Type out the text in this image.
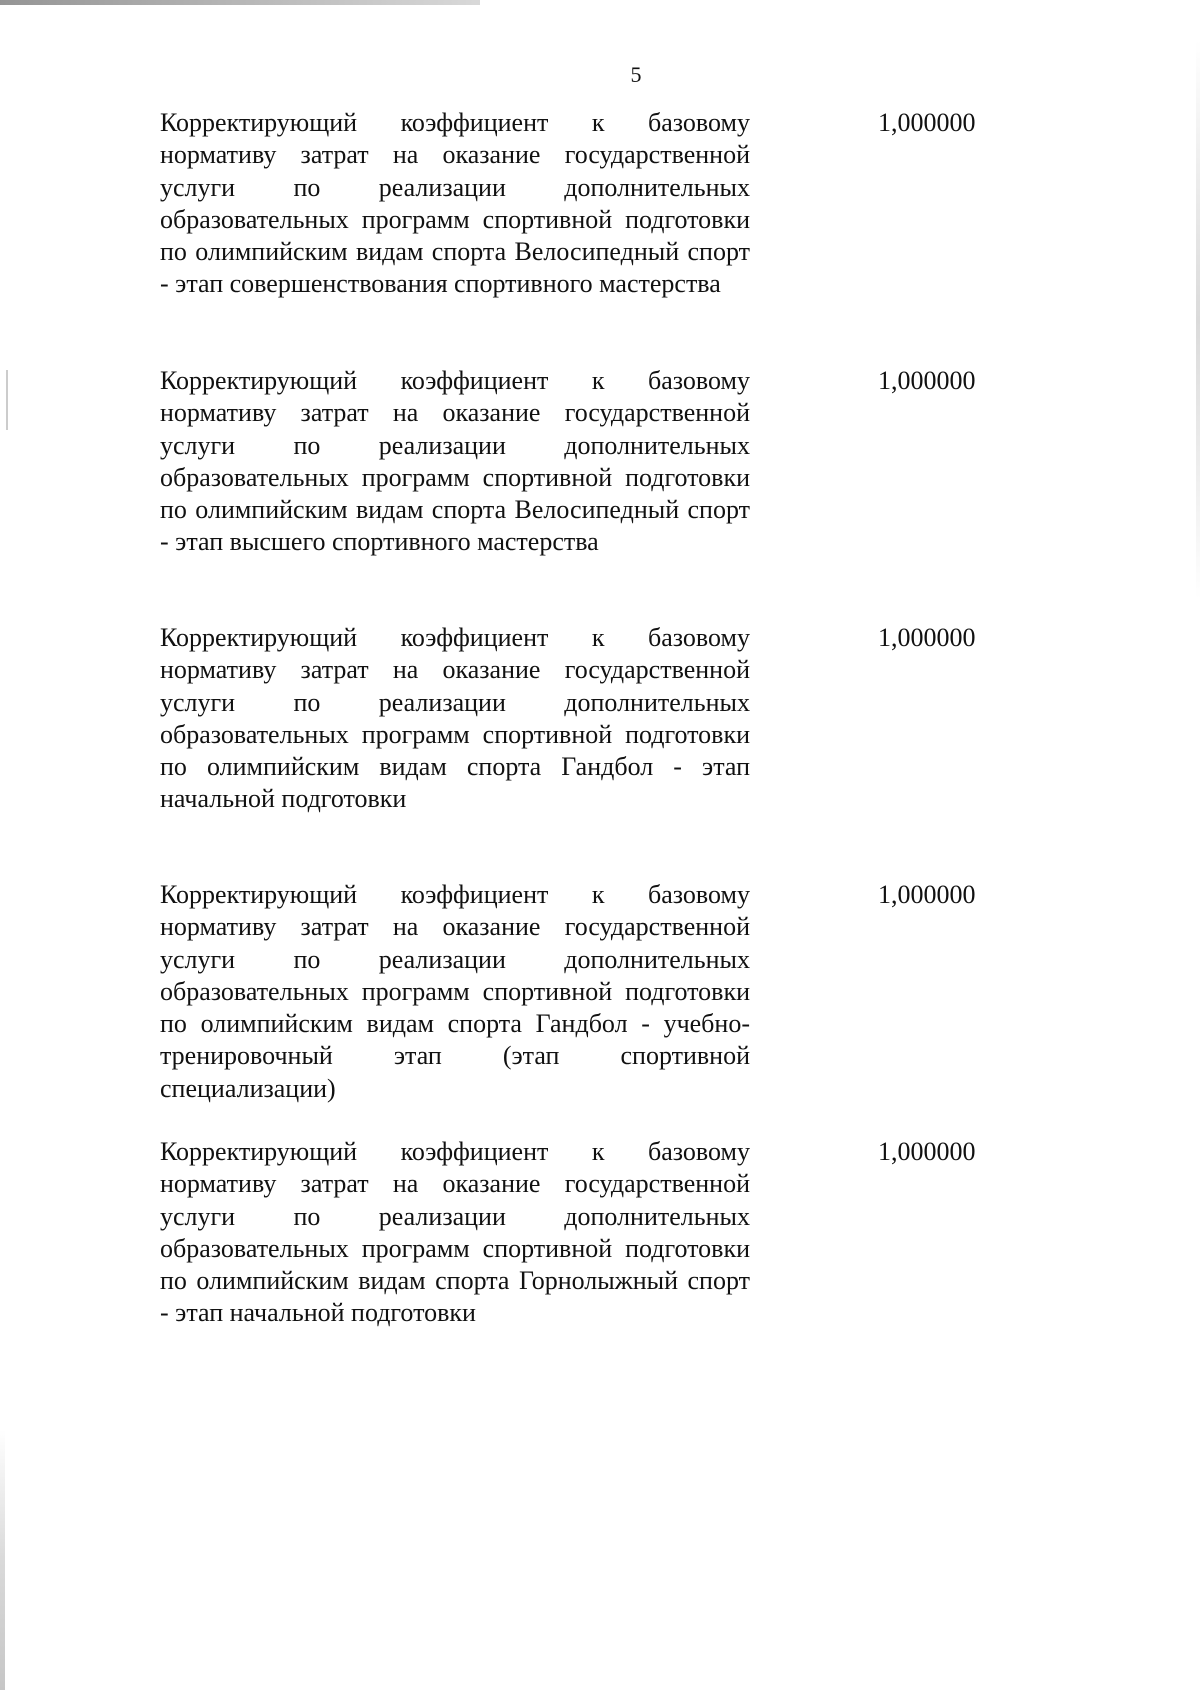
5

Корректирующий коэффициент к базовому нормативу затрат на оказание государственной услуги по реализации дополнительных образовательных программ спортивной подготовки по олимпийским видам спорта Велосипедный спорт - этап совершенствования спортивного мастерства

1,000000

Корректирующий коэффициент к базовому нормативу затрат на оказание государственной услуги по реализации дополнительных образовательных программ спортивной подготовки по олимпийским видам спорта Велосипедный спорт - этап высшего спортивного мастерства

1,000000

Корректирующий коэффициент к базовому нормативу затрат на оказание государственной услуги по реализации дополнительных образовательных программ спортивной подготовки по олимпийским видам спорта Гандбол - этап начальной подготовки

1,000000

Корректирующий коэффициент к базовому нормативу затрат на оказание государственной услуги по реализации дополнительных образовательных программ спортивной подготовки по олимпийским видам спорта Гандбол - учебно-тренировочный этап (этап спортивной специализации)

1,000000

Корректирующий коэффициент к базовому нормативу затрат на оказание государственной услуги по реализации дополнительных образовательных программ спортивной подготовки по олимпийским видам спорта Горнолыжный спорт - этап начальной подготовки

1,000000
